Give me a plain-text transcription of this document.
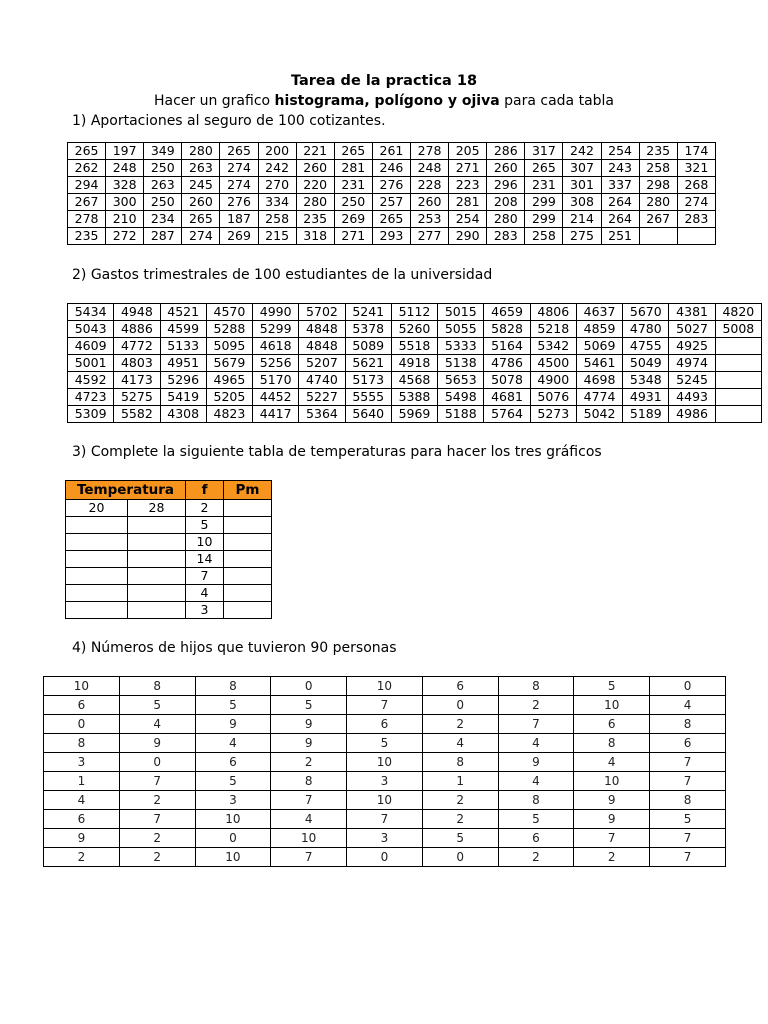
Tarea de la practica 18
Hacer un grafico histograma, polígono y ojiva para cada tabla
1) Aportaciones al seguro de 100 cotizantes.
265	197	349	280	265	200	221	265	261	278	205	286	317	242	254	235	174
262	248	250	263	274	242	260	281	246	248	271	260	265	307	243	258	321
294	328	263	245	274	270	220	231	276	228	223	296	231	301	337	298	268
267	300	250	260	276	334	280	250	257	260	281	208	299	308	264	280	274
278	210	234	265	187	258	235	269	265	253	254	280	299	214	264	267	283
235	272	287	274	269	215	318	271	293	277	290	283	258	275	251		
2) Gastos trimestrales de 100 estudiantes de la universidad
5434	4948	4521	4570	4990	5702	5241	5112	5015	4659	4806	4637	5670	4381	4820
5043	4886	4599	5288	5299	4848	5378	5260	5055	5828	5218	4859	4780	5027	5008
4609	4772	5133	5095	4618	4848	5089	5518	5333	5164	5342	5069	4755	4925	
5001	4803	4951	5679	5256	5207	5621	4918	5138	4786	4500	5461	5049	4974	
4592	4173	5296	4965	5170	4740	5173	4568	5653	5078	4900	4698	5348	5245	
4723	5275	5419	5205	4452	5227	5555	5388	5498	4681	5076	4774	4931	4493	
5309	5582	4308	4823	4417	5364	5640	5969	5188	5764	5273	5042	5189	4986	
3) Complete la siguiente tabla de temperaturas para hacer los tres gráficos
Temperatura		f	Pm
20	28	2	
		5	
		10	
		14	
		7	
		4	
		3	
4) Números de hijos que tuvieron 90 personas
10	8	8	0	10	6	8	5	0
6	5	5	5	7	0	2	10	4
0	4	9	9	6	2	7	6	8
8	9	4	9	5	4	4	8	6
3	0	6	2	10	8	9	4	7
1	7	5	8	3	1	4	10	7
4	2	3	7	10	2	8	9	8
6	7	10	4	7	2	5	9	5
9	2	0	10	3	5	6	7	7
2	2	10	7	0	0	2	2	7
